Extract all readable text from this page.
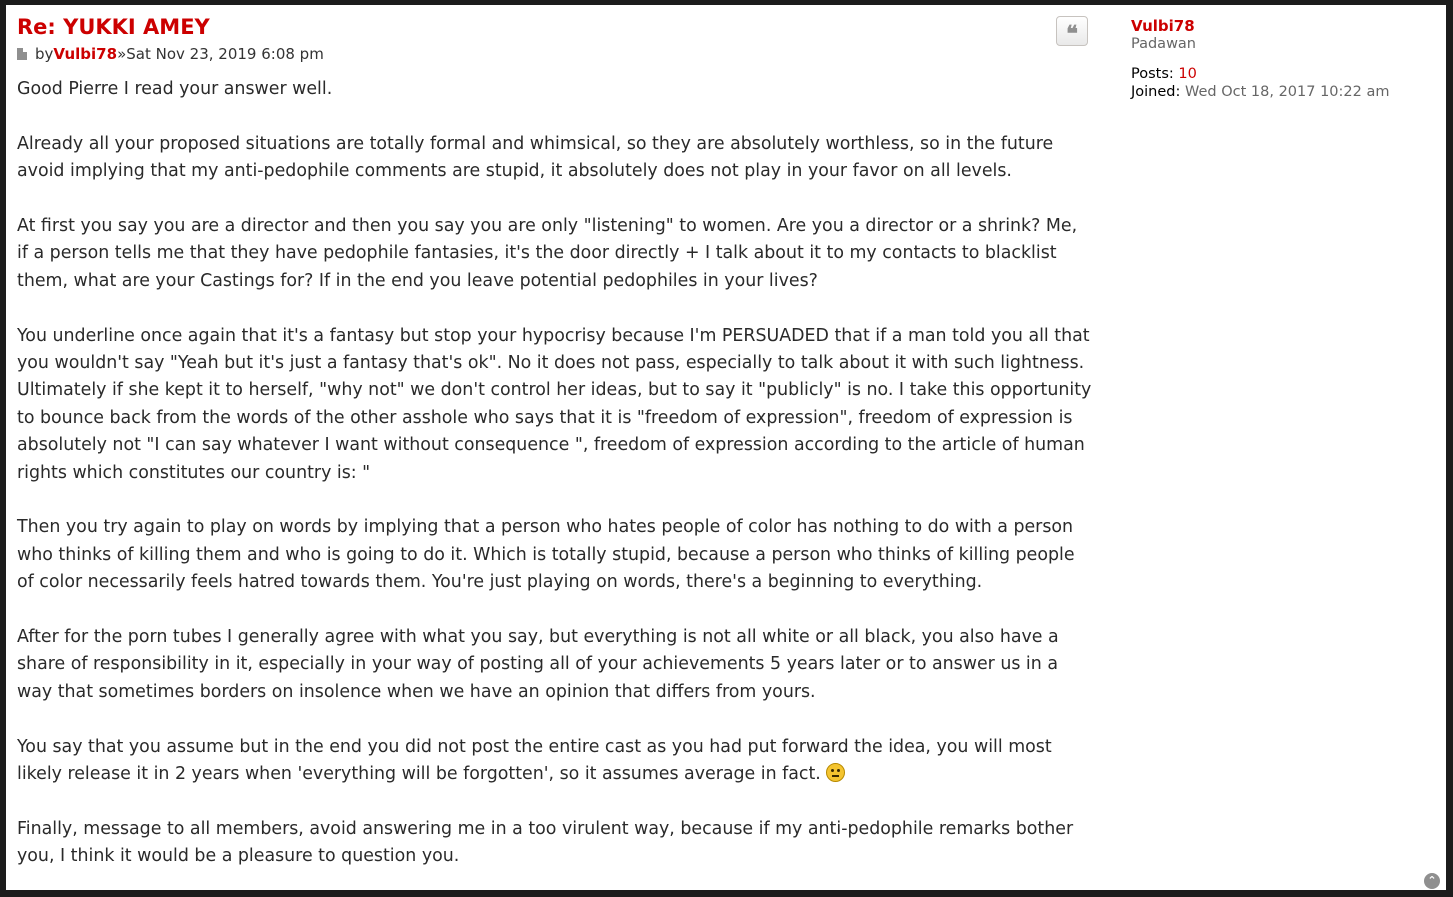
Re: YUKKI AMEY
byVulbi78»Sat Nov 23, 2019 6:08 pm

Good Pierre I read your answer well.

Already all your proposed situations are totally formal and whimsical, so they are absolutely worthless, so in the future avoid implying that my anti-pedophile comments are stupid, it absolutely does not play in your favor on all levels.

At first you say you are a director and then you say you are only "listening" to women. Are you a director or a shrink? Me, if a person tells me that they have pedophile fantasies, it's the door directly + I talk about it to my contacts to blacklist them, what are your Castings for? If in the end you leave potential pedophiles in your lives?

You underline once again that it's a fantasy but stop your hypocrisy because I'm PERSUADED that if a man told you all that you wouldn't say "Yeah but it's just a fantasy that's ok". No it does not pass, especially to talk about it with such lightness. Ultimately if she kept it to herself, "why not" we don't control her ideas, but to say it "publicly" is no. I take this opportunity to bounce back from the words of the other asshole who says that it is "freedom of expression", freedom of expression is absolutely not "I can say whatever I want without consequence ", freedom of expression according to the article of human rights which constitutes our country is: "

Then you try again to play on words by implying that a person who hates people of color has nothing to do with a person who thinks of killing them and who is going to do it. Which is totally stupid, because a person who thinks of killing people of color necessarily feels hatred towards them. You're just playing on words, there's a beginning to everything.

After for the porn tubes I generally agree with what you say, but everything is not all white or all black, you also have a share of responsibility in it, especially in your way of posting all of your achievements 5 years later or to answer us in a way that sometimes borders on insolence when we have an opinion that differs from yours.

You say that you assume but in the end you did not post the entire cast as you had put forward the idea, you will most likely release it in 2 years when 'everything will be forgotten', so it assumes average in fact.

Finally, message to all members, avoid answering me in a too virulent way, because if my anti-pedophile remarks bother you, I think it would be a pleasure to question you.

❝	Vulbi78
Padawan
Posts: 10
Joined: Wed Oct 18, 2017 10:22 am
⌃
